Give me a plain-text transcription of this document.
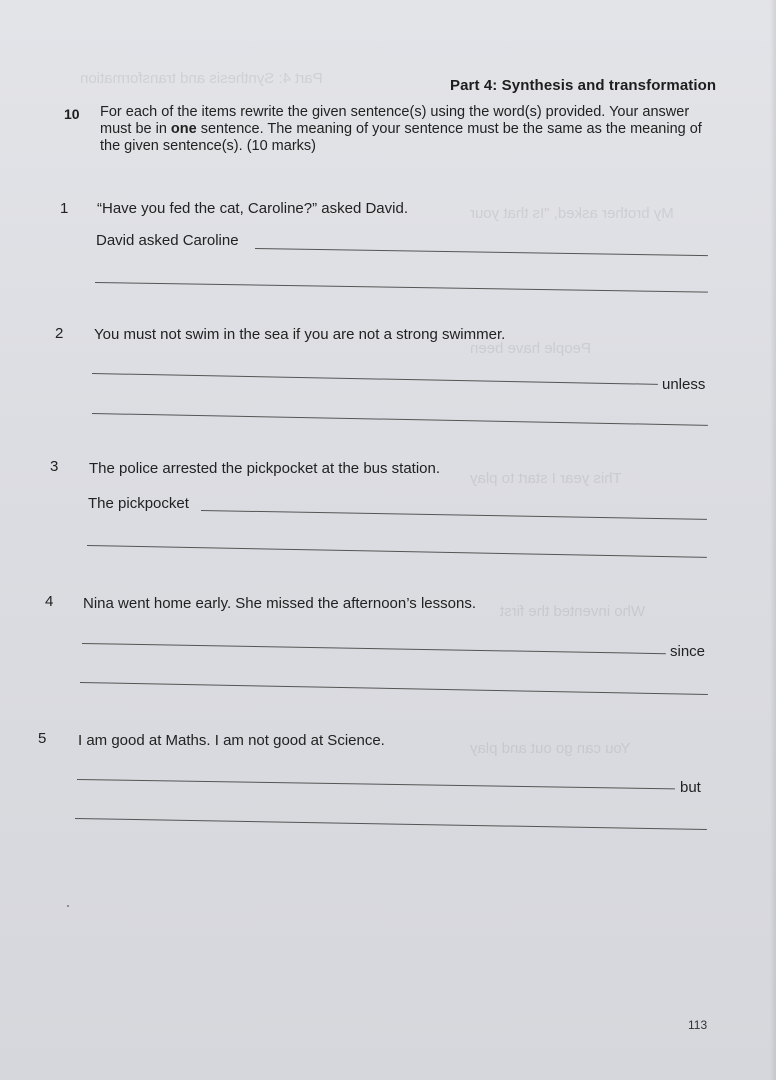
Part 4: Synthesis and transformation
My brother asked, "Is that your
People have been
This year I start to play
Who invented the first
You can go out and play
Part 4: Synthesis and transformation
10 For each of the items rewrite the given sentence(s) using the word(s) provided. Your answer must be in one sentence. The meaning of your sentence must be the same as the meaning of the given sentence(s). (10 marks)
1 “Have you fed the cat, Caroline?” asked David.
David asked Caroline
2 You must not swim in the sea if you are not a strong swimmer.
unless
3 The police arrested the pickpocket at the bus station.
The pickpocket
4 Nina went home early. She missed the afternoon’s lessons.
since
5 I am good at Maths. I am not good at Science.
but
113
